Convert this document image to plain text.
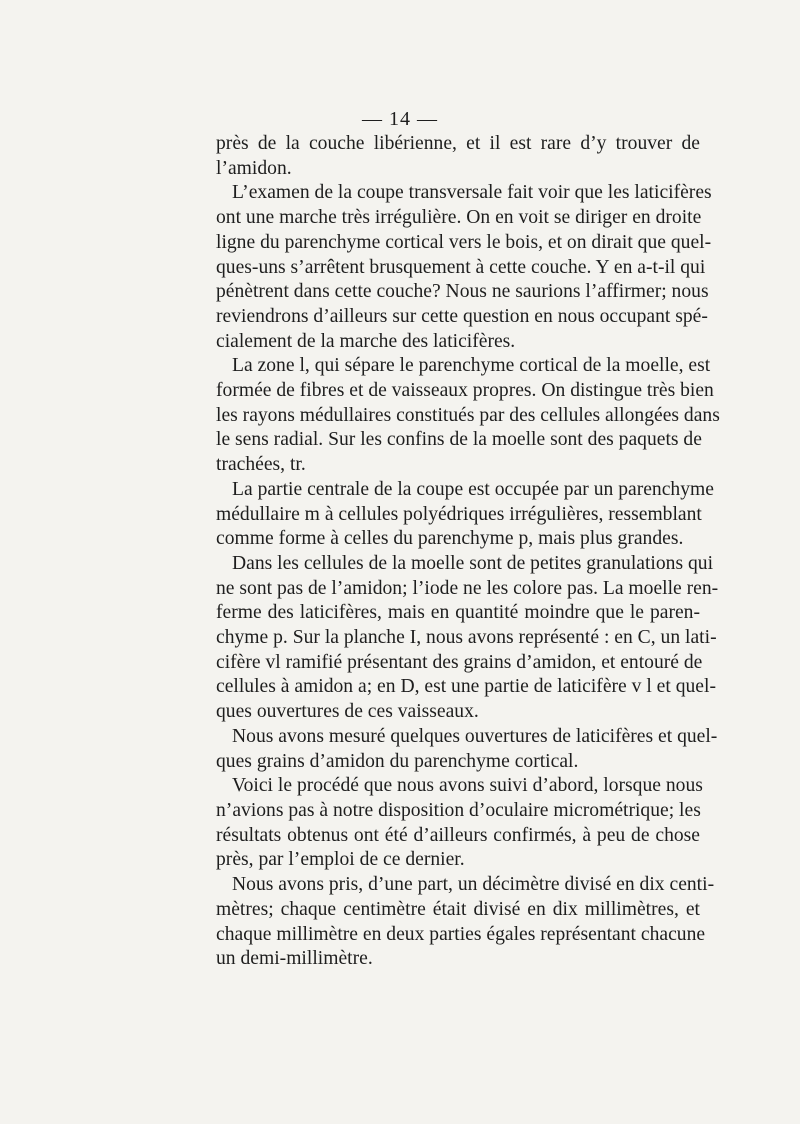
— 14 —

près de la couche libérienne, et il est rare d’y trouver de
l’amidon.
L’examen de la coupe transversale fait voir que les laticifères
ont une marche très irrégulière. On en voit se diriger en droite
ligne du parenchyme cortical vers le bois, et on dirait que quel-
ques-uns s’arrêtent brusquement à cette couche. Y en a-t-il qui
pénètrent dans cette couche? Nous ne saurions l’affirmer; nous
reviendrons d’ailleurs sur cette question en nous occupant spé-
cialement de la marche des laticifères.
La zone l, qui sépare le parenchyme cortical de la moelle, est
formée de fibres et de vaisseaux propres. On distingue très bien
les rayons médullaires constitués par des cellules allongées dans
le sens radial. Sur les confins de la moelle sont des paquets de
trachées, tr.
La partie centrale de la coupe est occupée par un parenchyme
médullaire m à cellules polyédriques irrégulières, ressemblant
comme forme à celles du parenchyme p, mais plus grandes.
Dans les cellules de la moelle sont de petites granulations qui
ne sont pas de l’amidon; l’iode ne les colore pas. La moelle ren-
ferme des laticifères, mais en quantité moindre que le paren-
chyme p. Sur la planche I, nous avons représenté : en C, un lati-
cifère vl ramifié présentant des grains d’amidon, et entouré de
cellules à amidon a; en D, est une partie de laticifère v l et quel-
ques ouvertures de ces vaisseaux.
Nous avons mesuré quelques ouvertures de laticifères et quel-
ques grains d’amidon du parenchyme cortical.
Voici le procédé que nous avons suivi d’abord, lorsque nous
n’avions pas à notre disposition d’oculaire micrométrique; les
résultats obtenus ont été d’ailleurs confirmés, à peu de chose
près, par l’emploi de ce dernier.
Nous avons pris, d’une part, un décimètre divisé en dix centi-
mètres; chaque centimètre était divisé en dix millimètres, et
chaque millimètre en deux parties égales représentant chacune
un demi-millimètre.
